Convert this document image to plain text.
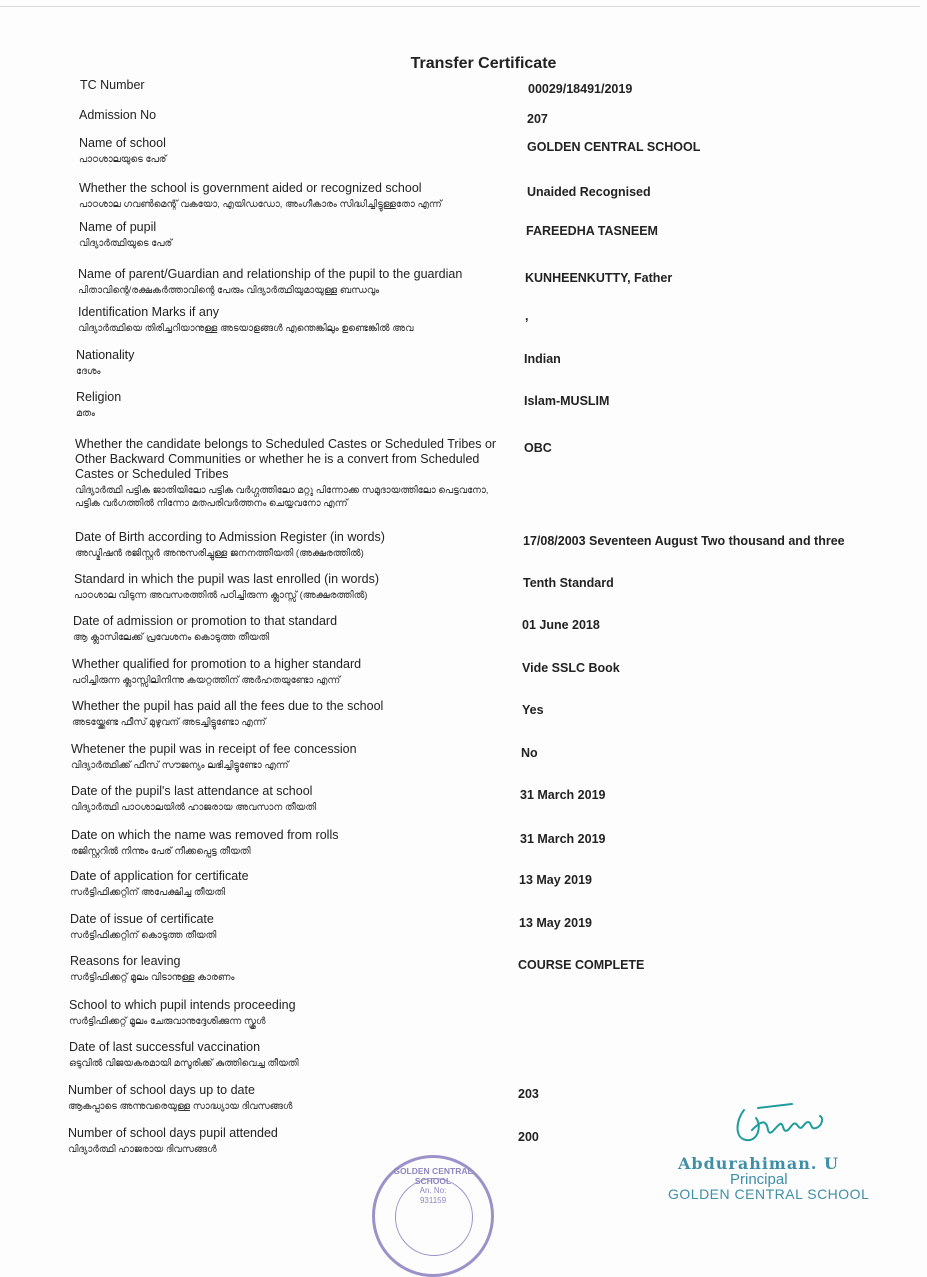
Transfer Certificate
TC Number	00029/18491/2019
Admission No	207
Name of school
പാഠശാലയുടെ പേര്
GOLDEN CENTRAL SCHOOL
Whether the school is government aided or recognized school
പാഠശാല ഗവണ്‍മെന്റ് വകയോ, എയിഡഡോ, അംഗീകാരം സിദ്ധിച്ചിട്ടുള്ളതോ എന്ന്
Unaided Recognised
Name of pupil
വിദ്യാര്‍ത്ഥിയുടെ പേര്
FAREEDHA TASNEEM
Name of parent/Guardian and relationship of the pupil to the guardian
പിതാവിന്റെ/രക്ഷകര്‍ത്താവിന്റെ പേരും വിദ്യാര്‍ത്ഥിയുമായുള്ള ബന്ധവും
KUNHEENKUTTY, Father
Identification Marks if any
വിദ്യാര്‍ത്ഥിയെ തിരിച്ചറിയാനുള്ള അടയാളങ്ങള്‍ എന്തെങ്കിലും ഉണ്ടെങ്കില്‍ അവ
,
Nationality
ദേശം
Indian
Religion
മതം
Islam-MUSLIM
Whether the candidate belongs to Scheduled Castes or Scheduled Tribes or Other Backward Communities or whether he is a convert from Scheduled Castes or Scheduled Tribes
വിദ്യാര്‍ത്ഥി പട്ടിക ജാതിയിലോ പട്ടിക വര്‍ഗ്ഗത്തിലോ മറ്റു പിന്നോക്ക സമുദായത്തിലോ പെട്ടവനോ, പട്ടിക വര്‍ഗത്തില്‍ നിന്നോ മതപരിവര്‍ത്തനം ചെയ്യവനോ എന്ന്
OBC
Date of Birth according to Admission Register (in words)
അഡ്മിഷന്‍ രജിസ്റ്റര്‍ അനുസരിച്ചുള്ള ജനനത്തീയതി (അക്ഷരത്തില്‍)
17/08/2003 Seventeen August Two thousand and three
Standard in which the pupil was last enrolled (in words)
പാഠശാല വിടുന്ന അവസരത്തില്‍ പഠിച്ചിരുന്ന ക്ലാസ്സ് (അക്ഷരത്തില്‍)
Tenth Standard
Date of admission or promotion to that standard
ആ ക്ലാസിലേക്ക് പ്രവേശനം കൊടുത്ത തീയതി
01 June 2018
Whether qualified for promotion to a higher standard
പഠിച്ചിരുന്ന ക്ലാസ്സിലിനിന്നു കയറ്റത്തിന് അര്‍ഹതയുണ്ടോ എന്ന്
Vide SSLC Book
Whether the pupil has paid all the fees due to the school
അടയ്ക്കേണ്ട ഫീസ് മുഴുവന് അടച്ചിട്ടുണ്ടോ എന്ന്
Yes
Whetener the pupil was in receipt of fee concession
വിദ്യാര്‍ത്ഥിക്ക് ഫീസ് സൗജന്യം ലഭിച്ചിട്ടുണ്ടോ എന്ന്
No
Date of the pupil's last attendance at school
വിദ്യാര്‍ത്ഥി പാഠശാലയില്‍ ഹാജരായ അവസാന തീയതി
31 March 2019
Date on which the name was removed from rolls
രജിസ്റ്ററില്‍ നിന്നും പേര് നീക്കപ്പെട്ട തീയതി
31 March 2019
Date of application for certificate
സര്‍ട്ടിഫിക്കറ്റിന് അപേക്ഷിച്ച തീയതി
13 May 2019
Date of issue of certificate
സര്‍ട്ടിഫിക്കറ്റിന് കൊടുത്ത തീയതി
13 May 2019
Reasons for leaving
സര്‍ട്ടിഫിക്കറ്റ് മൂലം വിടാനുള്ള കാരണം
COURSE COMPLETE
School to which pupil intends proceeding
സര്‍ട്ടിഫിക്കറ്റ് മൂലം ചേരുവാനുദ്ദേശിക്കുന്ന സ്കൂള്‍
Date of last successful vaccination
ഒടുവില്‍ വിജയകരമായി മസൂരിക്ക് കുത്തിവെച്ച തീയതി
Number of school days up to date
ആകപ്പാടെ അന്നുവരെയുള്ള സാദ്ധ്യായ ദിവസങ്ങള്‍
203
Number of school days pupil attended
വിദ്യാര്‍ത്ഥി ഹാജരായ ദിവസങ്ങള്‍
200
GOLDEN CENTRAL SCHOOL
An. No:
931159
Abdurahiman. U
Principal
GOLDEN CENTRAL SCHOOL
